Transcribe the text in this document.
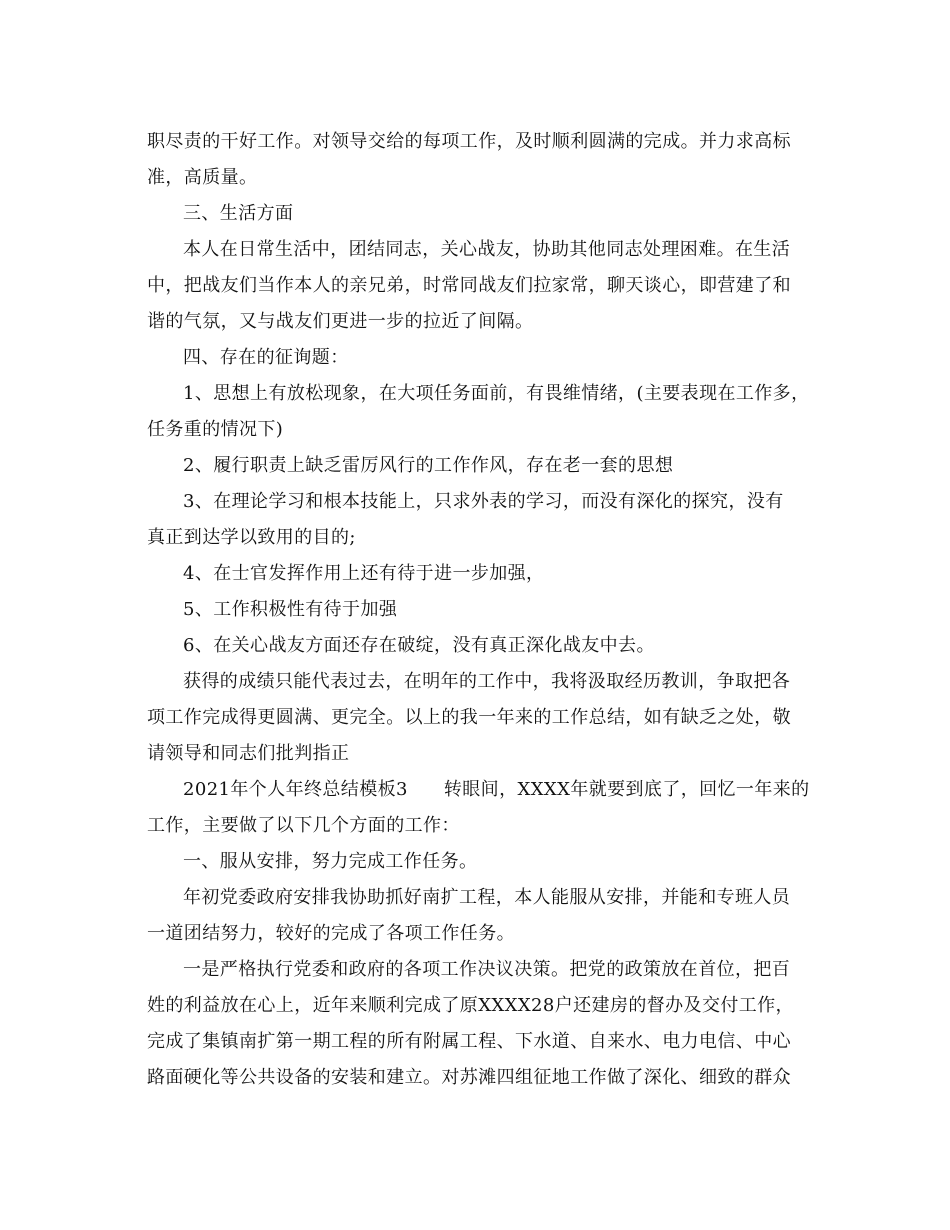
职尽责的干好工作。对领导交给的每项工作，及时顺利圆满的完成。并力求高标
准，高质量。
三、生活方面
本人在日常生活中，团结同志，关心战友，协助其他同志处理困难。在生活
中，把战友们当作本人的亲兄弟，时常同战友们拉家常，聊天谈心，即营建了和
谐的气氛，又与战友们更进一步的拉近了间隔。
四、存在的征询题：
1、思想上有放松现象，在大项任务面前，有畏维情绪，(主要表现在工作多，
任务重的情况下)
2、履行职责上缺乏雷厉风行的工作作风，存在老一套的思想
3、在理论学习和根本技能上，只求外表的学习，而没有深化的探究，没有
真正到达学以致用的目的;
4、在士官发挥作用上还有待于进一步加强，
5、工作积极性有待于加强
6、在关心战友方面还存在破绽，没有真正深化战友中去。
获得的成绩只能代表过去，在明年的工作中，我将汲取经历教训，争取把各
项工作完成得更圆满、更完全。以上的我一年来的工作总结，如有缺乏之处，敬
请领导和同志们批判指正
2021年个人年终总结模板3 转眼间，XXXX年就要到底了，回忆一年来的
工作，主要做了以下几个方面的工作：
一、服从安排，努力完成工作任务。
年初党委政府安排我协助抓好南扩工程，本人能服从安排，并能和专班人员
一道团结努力，较好的完成了各项工作任务。
一是严格执行党委和政府的各项工作决议决策。把党的政策放在首位，把百
姓的利益放在心上，近年来顺利完成了原XXXX28户还建房的督办及交付工作，
完成了集镇南扩第一期工程的所有附属工程、下水道、自来水、电力电信、中心
路面硬化等公共设备的安装和建立。对苏滩四组征地工作做了深化、细致的群众
